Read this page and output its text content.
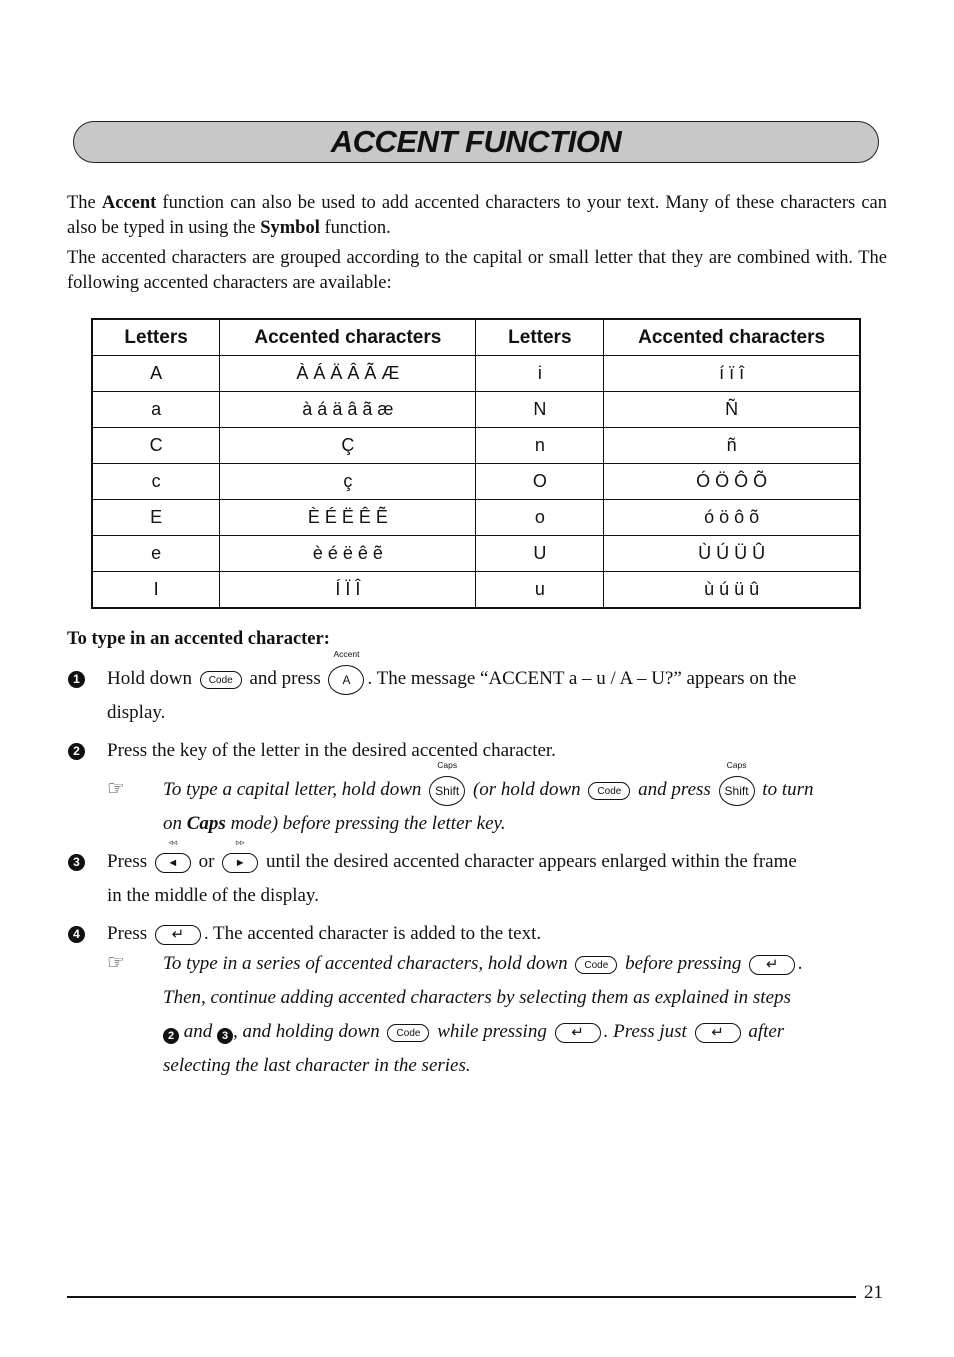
ACCENT FUNCTION

The Accent function can also be used to add accented characters to your text. Many of these characters can also be typed in using the Symbol function.

The accented characters are grouped according to the capital or small letter that they are combined with. The following accented characters are available:

Letters	Accented characters	Letters	Accented characters
A	À Á Ä Â Ã Æ	i	í ï î
a	à á ä â ã æ	N	Ñ
C	Ç	n	ñ
c	ç	O	Ó Ö Ô Õ
E	È É Ë Ê Ẽ	o	ó ö ô õ
e	è é ë ê ẽ	U	Ù Ú Ü Û
I	Í Ï Î	u	ù ú ü û
To type in an accented character:
1 Hold down Code and press
Accent
A . The message “ACCENT a – u / A – U?” appears on the
display.
2 Press the key of the letter in the desired accented character.
☞ To type a capital letter, hold down
Caps
Shift (or hold down Code and press
Caps
Shift to turn
on Caps mode) before pressing the letter key.
3 Press
◃◃
◄ or
▹▹
► until the desired accented character appears enlarged within the frame
in the middle of the display.
4 Press ↵ . The accented character is added to the text.
☞ To type in a series of accented characters, hold down Code before pressing ↵ .
Then, continue adding accented characters by selecting them as explained in steps
2 and 3 , and holding down Code while pressing ↵ . Press just ↵ after
selecting the last character in the series.
21
